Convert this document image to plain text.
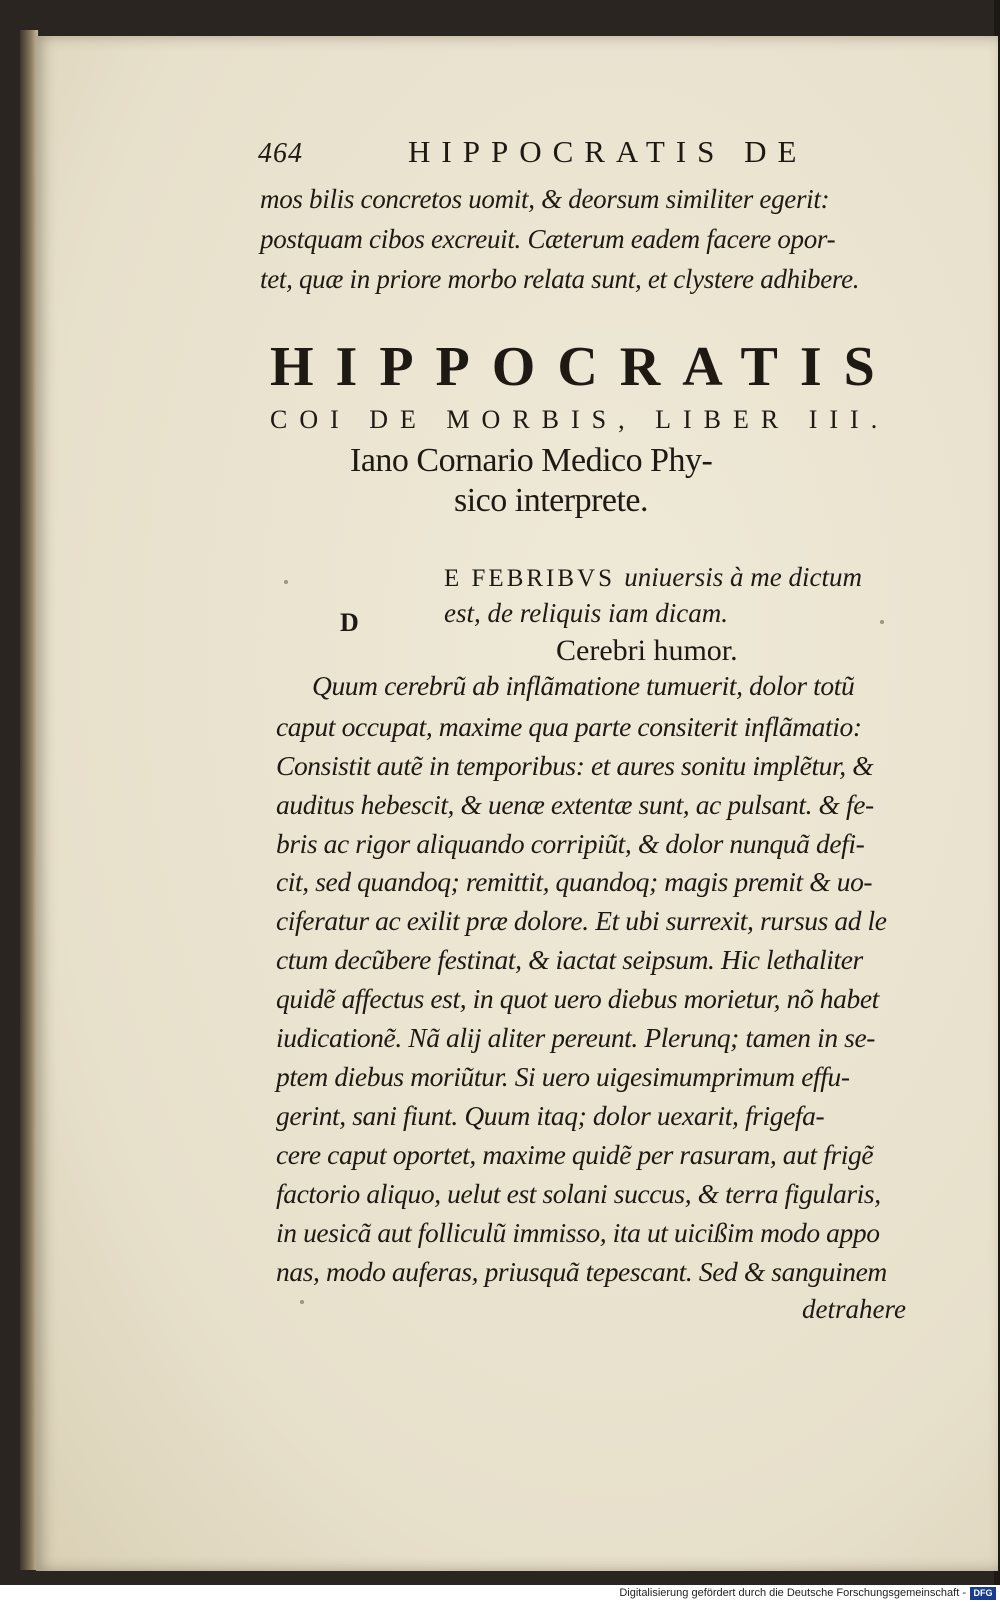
464	HIPPOCRATIS DE
mos bilis concretos uomit, & deorsum similiter egerit:
postquam cibos excreuit. Cæterum eadem facere opor-
tet, quæ in priore morbo relata sunt, et clystere adhibere.
HIPPOCRATIS
COI DE MORBIS, LIBER III.
Iano Cornario Medico Phy-
sico interprete.
D
E FEBRIBVS uniuersis à me dictum
est, de reliquis iam dicam.
Cerebri humor.
Quum cerebrũ ab inflãmatione tumuerit, dolor totũ
caput occupat, maxime qua parte consiterit inflãmatio:
Consistit autẽ in temporibus: et aures sonitu implẽtur, &
auditus hebescit, & uenæ extentæ sunt, ac pulsant. & fe-
bris ac rigor aliquando corripiũt, & dolor nunquã defi-
cit, sed quandoq; remittit, quandoq; magis premit & uo-
ciferatur ac exilit præ dolore. Et ubi surrexit, rursus ad le
ctum decũbere festinat, & iactat seipsum. Hic lethaliter
quidẽ affectus est, in quot uero diebus morietur, nõ habet
iudicationẽ. Nã alij aliter pereunt. Plerunq; tamen in se-
ptem diebus moriũtur. Si uero uigesimumprimum effu-
gerint, sani fiunt. Quum itaq; dolor uexarit, frigefa-
cere caput oportet, maxime quidẽ per rasuram, aut frigẽ
factorio aliquo, uelut est solani succus, & terra figularis,
in uesicã aut folliculũ immisso, ita ut uicißim modo appo
nas, modo auferas, priusquã tepescant. Sed & sanguinem
detrahere
Digitalisierung gefördert durch die Deutsche Forschungsgemeinschaft - DFG
